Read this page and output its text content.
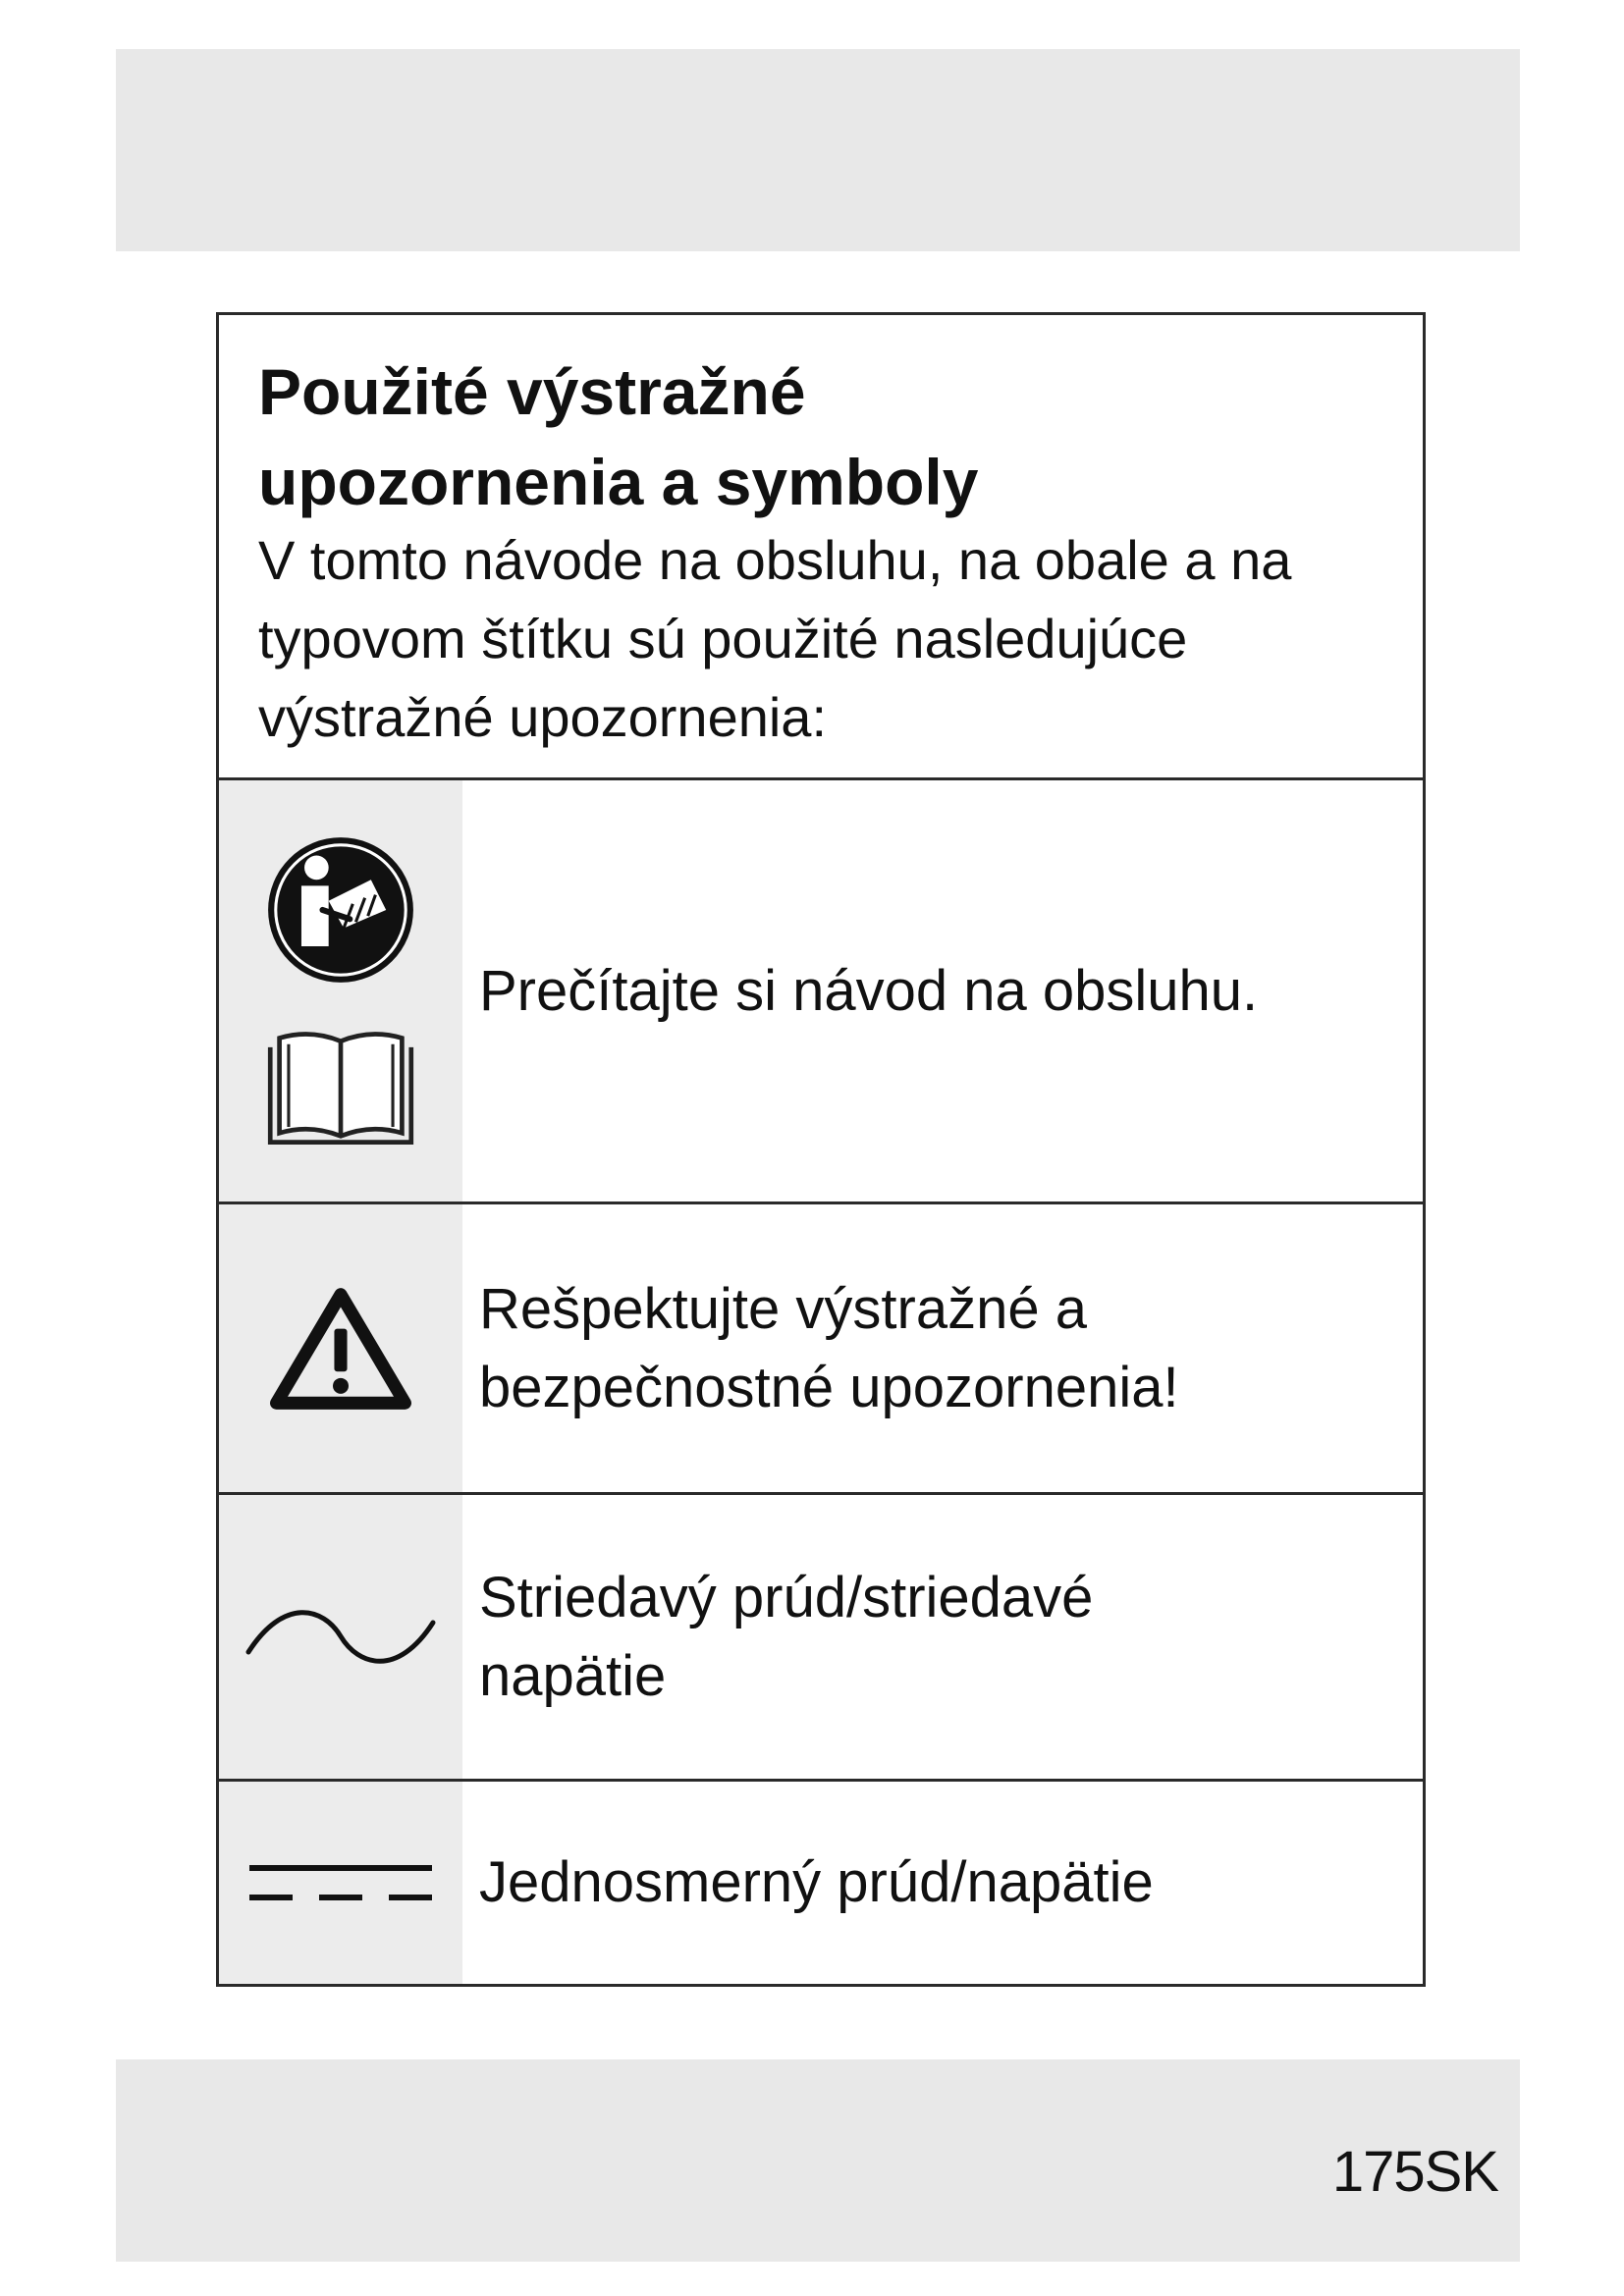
Použité výstražné
upozornenia a symboly

V tomto návode na obsluhu, na obale a na typovom štítku sú použité nasledujúce výstražné upozornenia:

Prečítajte si návod na obsluhu.
Rešpektujte výstražné a
bezpečnostné upozornenia!
Striedavý prúd/striedavé
napätie
Jednosmerný prúd/napätie
175SK
